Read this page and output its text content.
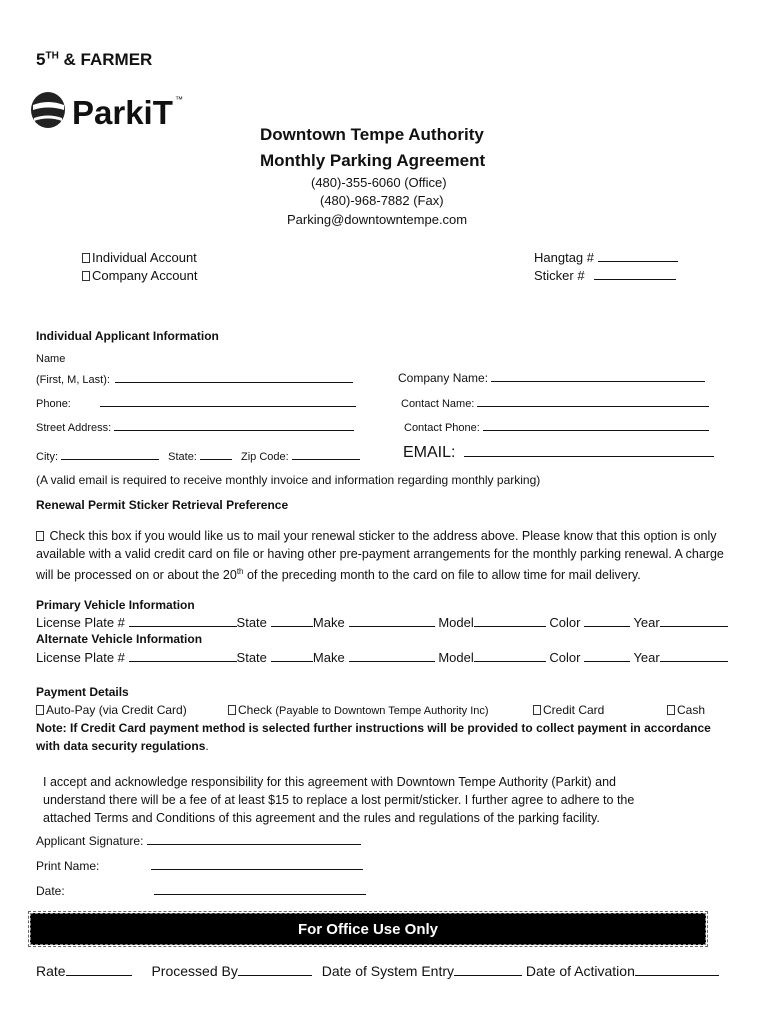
5TH & FARMER
ParkiT ™
Downtown Tempe Authority
Monthly Parking Agreement
(480)-355-6060 (Office)
(480)-968-7882 (Fax)
Parking@downtowntempe.com
Individual Account
Company Account
Hangtag #
Sticker #
Individual Applicant Information
Name
(First, M, Last):	Company Name:
Phone:	Contact Name:
Street Address:	Contact Phone:
City:	State:	Zip Code:	EMAIL:
(A valid email is required to receive monthly invoice and information regarding monthly parking)
Renewal Permit Sticker Retrieval Preference
Check this box if you would like us to mail your renewal sticker to the address above. Please know that this option is only available with a valid credit card on file or having other pre-payment arrangements for the monthly parking renewal. A charge will be processed on or about the 20th of the preceding month to the card on file to allow time for mail delivery.
Primary Vehicle Information
License Plate #	State	Make	Model	Color	Year
Alternate Vehicle Information
License Plate #	State	Make	Model	Color	Year
Payment Details
Auto-Pay (via Credit Card)	Check (Payable to Downtown Tempe Authority Inc)	Credit Card	Cash
Note: If Credit Card payment method is selected further instructions will be provided to collect payment in accordance with data security regulations.
I accept and acknowledge responsibility for this agreement with Downtown Tempe Authority (Parkit) and understand there will be a fee of at least $15 to replace a lost permit/sticker. I further agree to adhere to the attached Terms and Conditions of this agreement and the rules and regulations of the parking facility.
Applicant Signature:
Print Name:
Date:
For Office Use Only
Rate	Processed By	Date of System Entry	Date of Activation
